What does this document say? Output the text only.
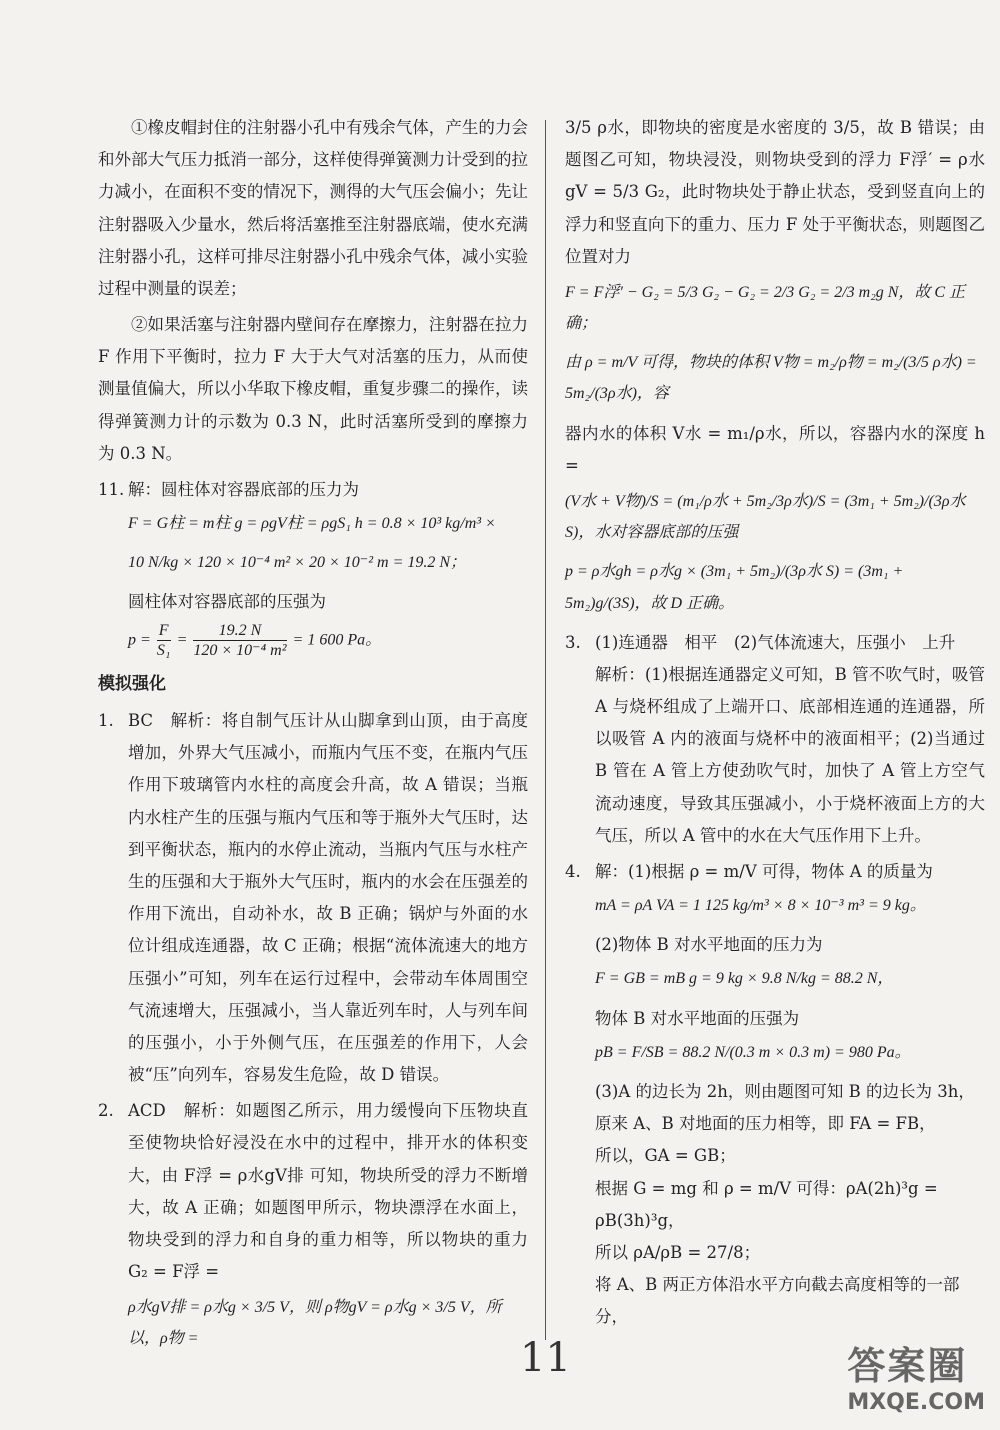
①橡皮帽封住的注射器小孔中有残余气体，产生的力会和外部大气压力抵消一部分，这样使得弹簧测力计受到的拉力减小，在面积不变的情况下，测得的大气压会偏小；先让注射器吸入少量水，然后将活塞推至注射器底端，使水充满注射器小孔，这样可排尽注射器小孔中残余气体，减小实验过程中测量的误差；

②如果活塞与注射器内壁间存在摩擦力，注射器在拉力 F 作用下平衡时，拉力 F 大于大气对活塞的压力，从而使测量值偏大，所以小华取下橡皮帽，重复步骤二的操作，读得弹簧测力计的示数为 0.3 N，此时活塞所受到的摩擦力为 0.3 N。

11. 解：圆柱体对容器底部的压力为
F = G柱 = m柱 g = ρgV柱 = ρgS₁ h = 0.8 × 10³ kg/m³ ×
10 N/kg × 120 × 10⁻⁴ m² × 20 × 10⁻² m = 19.2 N；
圆柱体对容器底部的压强为
$p = \frac{F}{\text{S₁}} = \frac{19.2 N}{\text{120 × 10⁻⁴ m²}} = 1$ 600 Pa。
模拟强化
1. BC　解析：将自制气压计从山脚拿到山顶，由于高度增加，外界大气压减小，而瓶内气压不变，在瓶内气压作用下玻璃管内水柱的高度会升高，故 A 错误；当瓶内水柱产生的压强与瓶内气压和等于瓶外大气压时，达到平衡状态，瓶内的水停止流动，当瓶内气压与水柱产生的压强和大于瓶外大气压时，瓶内的水会在压强差的作用下流出，自动补水，故 B 正确；锅炉与外面的水位计组成连通器，故 C 正确；根据“流体流速大的地方压强小”可知，列车在运行过程中，会带动车体周围空气流速增大，压强减小，当人靠近列车时，人与列车间的压强小，小于外侧气压，在压强差的作用下，人会被“压”向列车，容易发生危险，故 D 错误。

2. ACD　解析：如题图乙所示，用力缓慢向下压物块直至使物块恰好浸没在水中的过程中，排开水的体积变大，由 F浮 = ρ水gV排 可知，物块所受的浮力不断增大，故 A 正确；如题图甲所示，物块漂浮在水面上，物块受到的浮力和自身的重力相等，所以物块的重力 G₂ = F浮 =

ρ水gV排 = ρ水g × 3/5 V，则 ρ物gV = ρ水g × 3/5 V，所以，ρ物 =

3/5 ρ水，即物块的密度是水密度的 3/5，故 B 错误；由题图乙可知，物块浸没，则物块受到的浮力 F浮′ = ρ水gV = 5/3 G₂，此时物块处于静止状态，受到竖直向上的浮力和竖直向下的重力、压力 F 处于平衡状态，则题图乙位置对力

F = F浮′ − G₂ = 5/3 G₂ − G₂ = 2/3 G₂ = 2/3 m₂g N，故 C 正确；
由 ρ = m/V 可得，物块的体积 V物 = m₂/ρ物 = m₂/(3/5 ρ水) = 5m₂/(3ρ水)，容
器内水的体积 V水 = m₁/ρ水，所以，容器内水的深度 h =
(V水 + V物)/S = (m₁/ρ水 + 5m₂/3ρ水)/S = (3m₁ + 5m₂)/(3ρ水 S)，水对容器底部的压强
p = ρ水gh = ρ水g × (3m₁ + 5m₂)/(3ρ水 S) = (3m₁ + 5m₂)g/(3S)，故 D 正确。
3. (1)连通器　相平　(2)气体流速大，压强小　上升

解析：(1)根据连通器定义可知，B 管不吹气时，吸管 A 与烧杯组成了上端开口、底部相连通的连通器，所以吸管 A 内的液面与烧杯中的液面相平；(2)当通过 B 管在 A 管上方使劲吹气时，加快了 A 管上方空气流动速度，导致其压强减小，小于烧杯液面上方的大气压，所以 A 管中的水在大气压作用下上升。

4. 解：(1)根据 ρ = m/V 可得，物体 A 的质量为
mA = ρA VA = 1 125 kg/m³ × 8 × 10⁻³ m³ = 9 kg。
(2)物体 B 对水平地面的压力为
F = GB = mB g = 9 kg × 9.8 N/kg = 88.2 N，
物体 B 对水平地面的压强为
pB = F/SB = 88.2 N/(0.3 m × 0.3 m) = 980 Pa。
(3)A 的边长为 2h，则由题图可知 B 的边长为 3h，
原来 A、B 对地面的压力相等，即 FA = FB，
所以，GA = GB；
根据 G = mg 和 ρ = m/V 可得：ρA(2h)³g = ρB(3h)³g，
所以 ρA/ρB = 27/8；
将 A、B 两正方体沿水平方向截去高度相等的一部分，
11	答案圈
MXQE.COM
